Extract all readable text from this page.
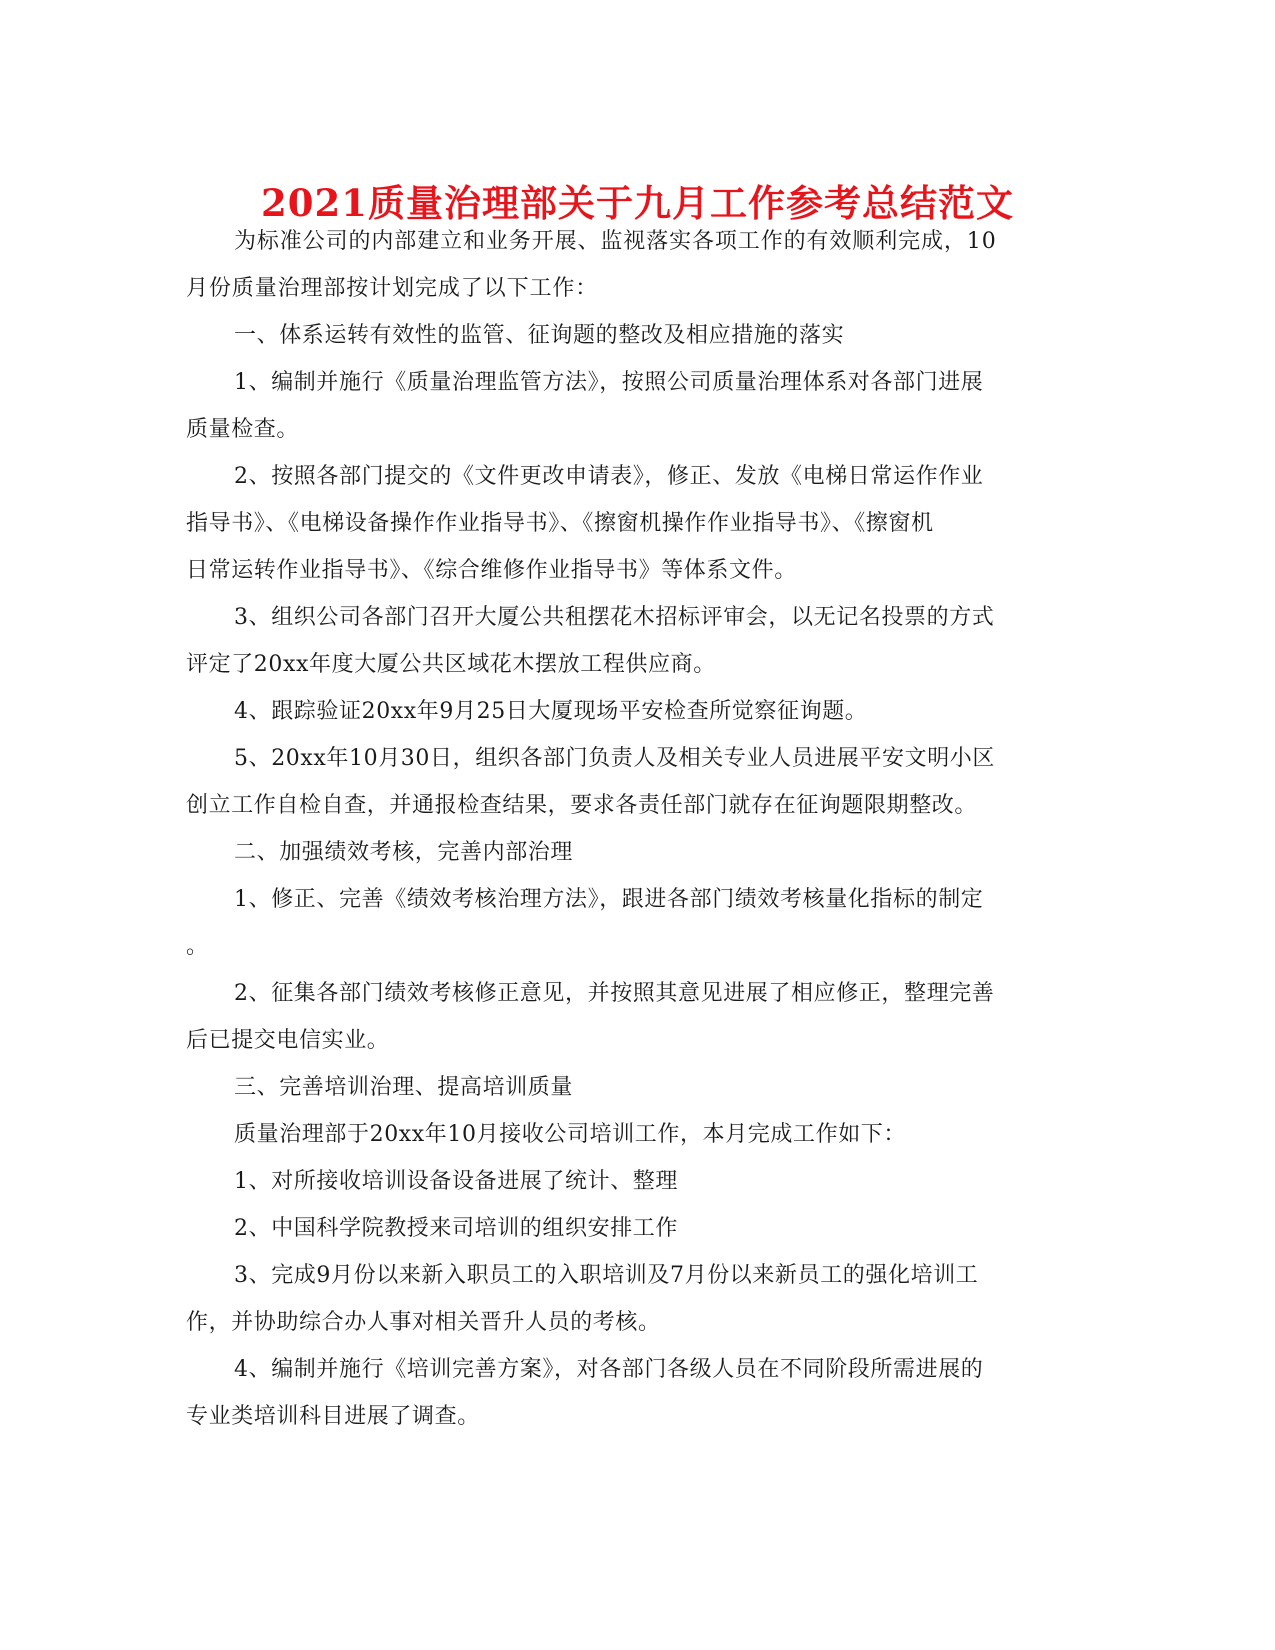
2021质量治理部关于九月工作参考总结范文

为标准公司的内部建立和业务开展、监视落实各项工作的有效顺利完成，10
月份质量治理部按计划完成了以下工作：

一、体系运转有效性的监管、征询题的整改及相应措施的落实

1、编制并施行《质量治理监管方法》，按照公司质量治理体系对各部门进展
质量检查。

2、按照各部门提交的《文件更改申请表》，修正、发放《电梯日常运作作业
指导书》、《电梯设备操作作业指导书》、《擦窗机操作作业指导书》、《擦窗机
日常运转作业指导书》、《综合维修作业指导书》等体系文件。

3、组织公司各部门召开大厦公共租摆花木招标评审会，以无记名投票的方式
评定了20xx年度大厦公共区域花木摆放工程供应商。

4、跟踪验证20xx年9月25日大厦现场平安检查所觉察征询题。

5、20xx年10月30日，组织各部门负责人及相关专业人员进展平安文明小区
创立工作自检自查，并通报检查结果，要求各责任部门就存在征询题限期整改。

二、加强绩效考核，完善内部治理

1、修正、完善《绩效考核治理方法》，跟进各部门绩效考核量化指标的制定
。

2、征集各部门绩效考核修正意见，并按照其意见进展了相应修正，整理完善
后已提交电信实业。

三、完善培训治理、提高培训质量

质量治理部于20xx年10月接收公司培训工作，本月完成工作如下：

1、对所接收培训设备设备进展了统计、整理

2、中国科学院教授来司培训的组织安排工作

3、完成9月份以来新入职员工的入职培训及7月份以来新员工的强化培训工
作，并协助综合办人事对相关晋升人员的考核。

4、编制并施行《培训完善方案》，对各部门各级人员在不同阶段所需进展的
专业类培训科目进展了调查。
